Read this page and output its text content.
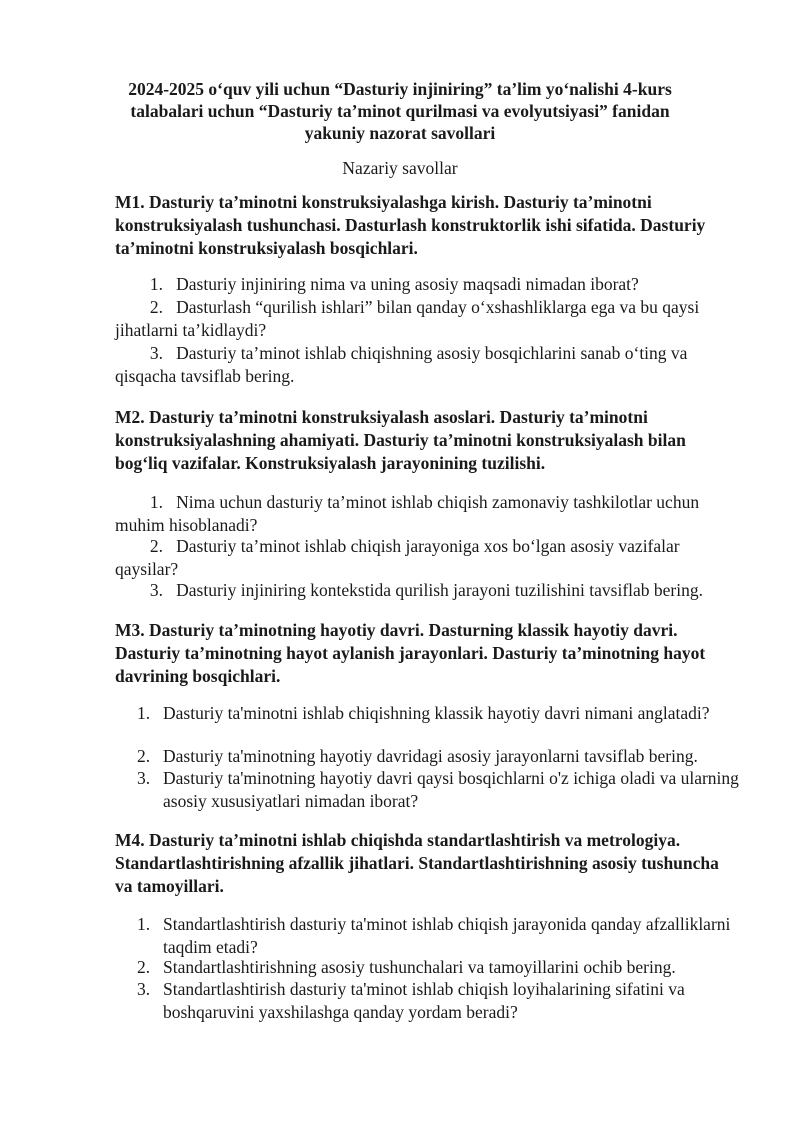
2024-2025 o‘quv yili uchun “Dasturiy injiniring” ta’lim yo‘nalishi 4-kurs talabalari uchun “Dasturiy ta’minot qurilmasi va evolyutsiyasi” fanidan yakuniy nazorat savollari
Nazariy savollar
M1. Dasturiy ta’minotni konstruksiyalashga kirish. Dasturiy ta’minotni konstruksiyalash tushunchasi. Dasturlash konstruktorlik ishi sifatida. Dasturiy ta’minotni konstruksiyalash bosqichlari.
1. Dasturiy injiniring nima va uning asosiy maqsadi nimadan iborat?
2. Dasturlash “qurilish ishlari” bilan qanday o‘xshashliklarga ega va bu qaysi jihatlarni ta’kidlaydi?
3. Dasturiy ta’minot ishlab chiqishning asosiy bosqichlarini sanab o‘ting va qisqacha tavsiflab bering.
M2. Dasturiy ta’minotni konstruksiyalash asoslari. Dasturiy ta’minotni konstruksiyalashning ahamiyati. Dasturiy ta’minotni konstruksiyalash bilan bog‘liq vazifalar. Konstruksiyalash jarayonining tuzilishi.
1. Nima uchun dasturiy ta’minot ishlab chiqish zamonaviy tashkilotlar uchun muhim hisoblanadi?
2. Dasturiy ta’minot ishlab chiqish jarayoniga xos bo‘lgan asosiy vazifalar qaysilar?
3. Dasturiy injiniring kontekstida qurilish jarayoni tuzilishini tavsiflab bering.
M3. Dasturiy ta’minotning hayotiy davri. Dasturning klassik hayotiy davri. Dasturiy ta’minotning hayot aylanish jarayonlari. Dasturiy ta’minotning hayot davrining bosqichlari.
1. Dasturiy ta'minotni ishlab chiqishning klassik hayotiy davri nimani anglatadi?
2. Dasturiy ta'minotning hayotiy davridagi asosiy jarayonlarni tavsiflab bering.
3. Dasturiy ta'minotning hayotiy davri qaysi bosqichlarni o'z ichiga oladi va ularning asosiy xususiyatlari nimadan iborat?
M4. Dasturiy ta’minotni ishlab chiqishda standartlashtirish va metrologiya. Standartlashtirishning afzallik jihatlari. Standartlashtirishning asosiy tushuncha va tamoyillari.
1. Standartlashtirish dasturiy ta'minot ishlab chiqish jarayonida qanday afzalliklarni taqdim etadi?
2. Standartlashtirishning asosiy tushunchalari va tamoyillarini ochib bering.
3. Standartlashtirish dasturiy ta'minot ishlab chiqish loyihalarining sifatini va boshqaruvini yaxshilashga qanday yordam beradi?
